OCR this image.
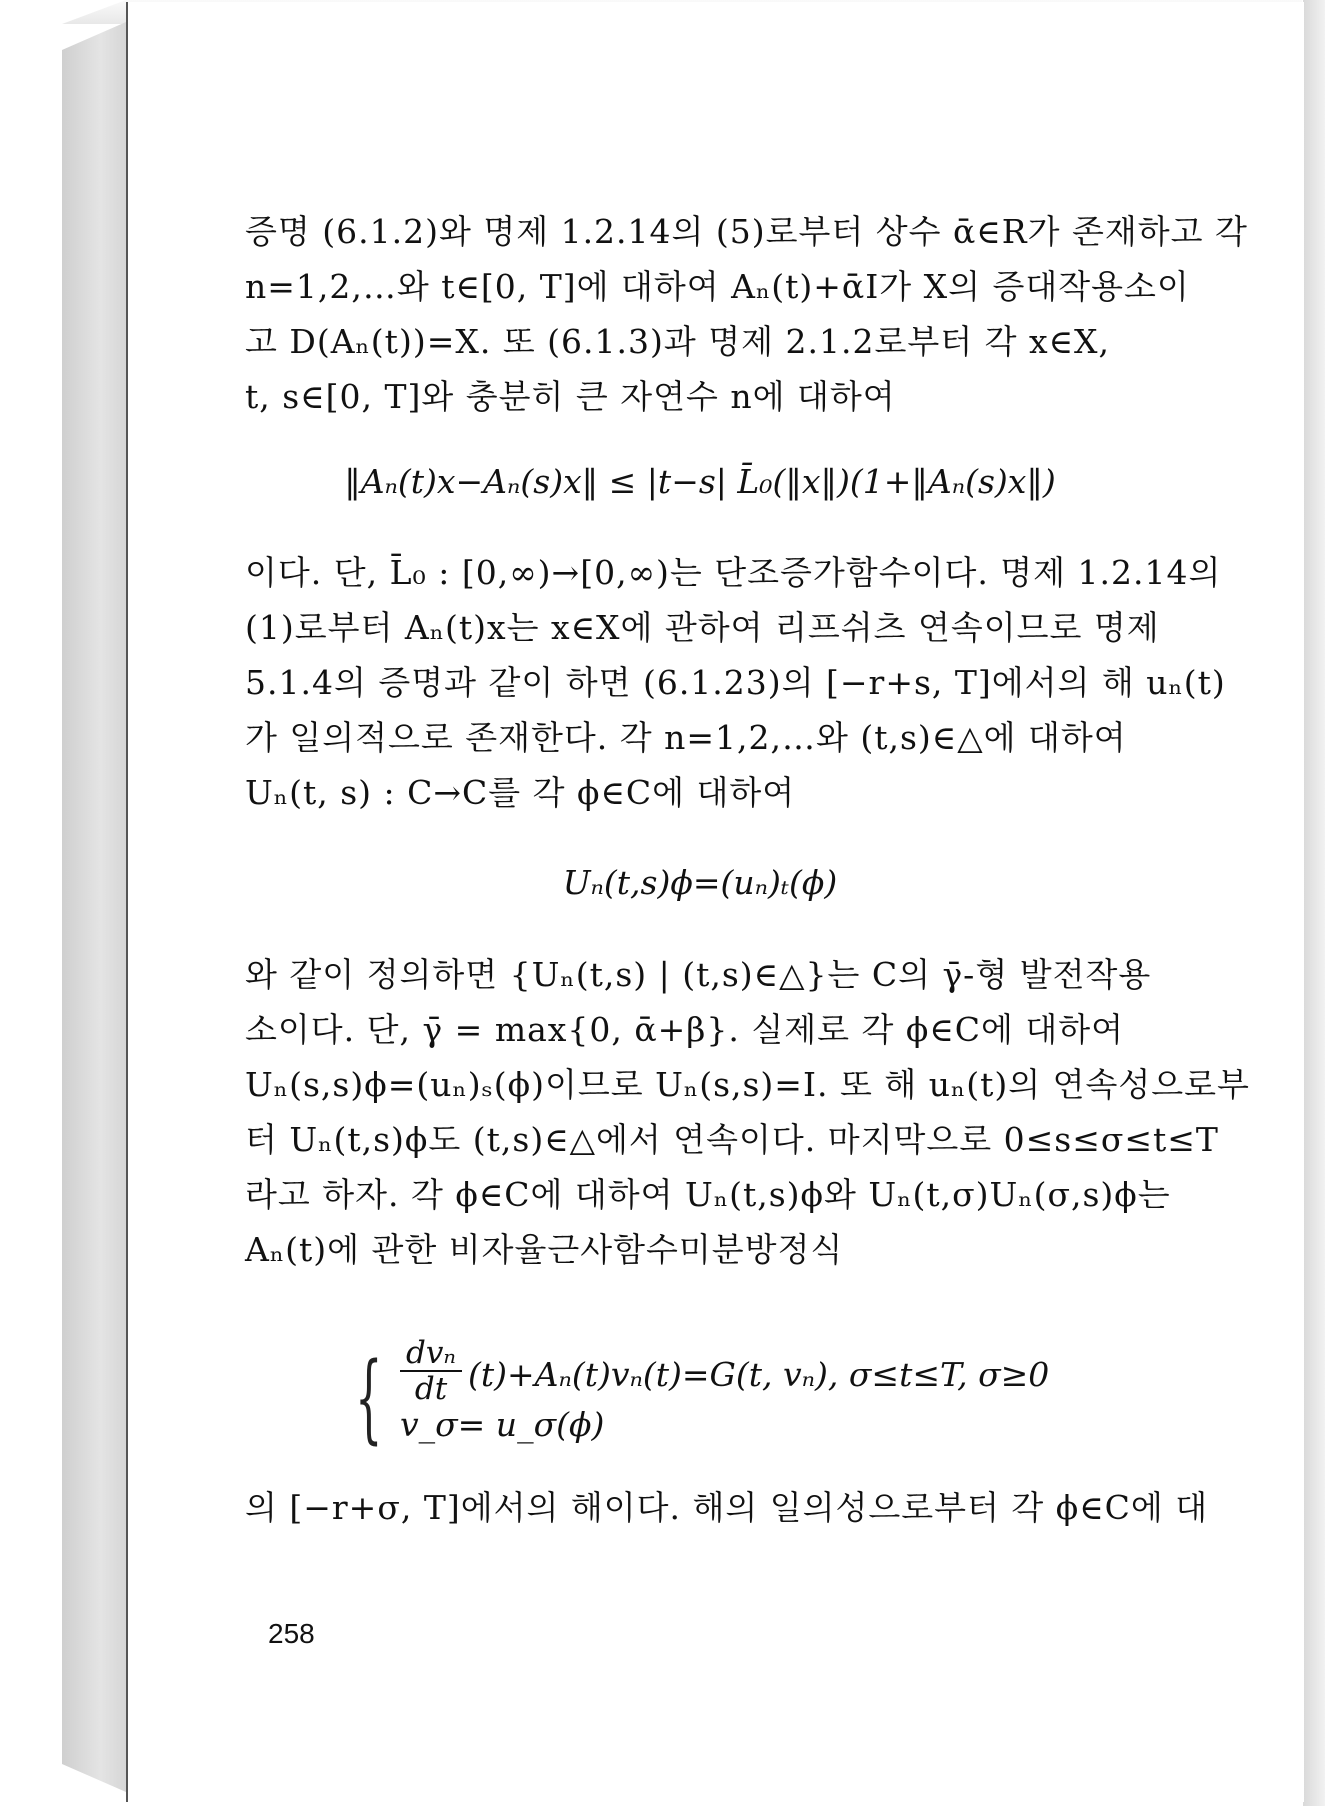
증명 (6.1.2)와 명제 1.2.14의 (5)로부터 상수 ᾱ∈R가 존재하고 각
n=1,2,…와 t∈[0, T]에 대하여 Aₙ(t)+ᾱI가 X의 증대작용소이
고 D(Aₙ(t))=X. 또 (6.1.3)과 명제 2.1.2로부터 각 x∈X,
t, s∈[0, T]와 충분히 큰 자연수 n에 대하여
‖Aₙ(t)x−Aₙ(s)x‖ ≤ |t−s| L̄₀(‖x‖)(1+‖Aₙ(s)x‖)
이다. 단, L̄₀ : [0,∞)→[0,∞)는 단조증가함수이다. 명제 1.2.14의
(1)로부터 Aₙ(t)x는 x∈X에 관하여 리프쉬츠 연속이므로 명제
5.1.4의 증명과 같이 하면 (6.1.23)의 [−r+s, T]에서의 해 uₙ(t)
가 일의적으로 존재한다. 각 n=1,2,…와 (t,s)∈△에 대하여
Uₙ(t, s) : C→C를 각 ϕ∈C에 대하여
Uₙ(t,s)ϕ=(uₙ)ₜ(ϕ)
와 같이 정의하면 {Uₙ(t,s) | (t,s)∈△}는 C의 γ̄-형 발전작용
소이다. 단, γ̄ = max{0, ᾱ+β}. 실제로 각 ϕ∈C에 대하여
Uₙ(s,s)ϕ=(uₙ)ₛ(ϕ)이므로 Uₙ(s,s)=I. 또 해 uₙ(t)의 연속성으로부
터 Uₙ(t,s)ϕ도 (t,s)∈△에서 연속이다. 마지막으로 0≤s≤σ≤t≤T
라고 하자. 각 ϕ∈C에 대하여 Uₙ(t,s)ϕ와 Uₙ(t,σ)Uₙ(σ,s)ϕ는
Aₙ(t)에 관한 비자율근사함수미분방정식
{ dvₙ
dt (t)+Aₙ(t)vₙ(t)=G(t, vₙ), σ≤t≤T, σ≥0
v_σ= u_σ(ϕ)
의 [−r+σ, T]에서의 해이다. 해의 일의성으로부터 각 ϕ∈C에 대
258
